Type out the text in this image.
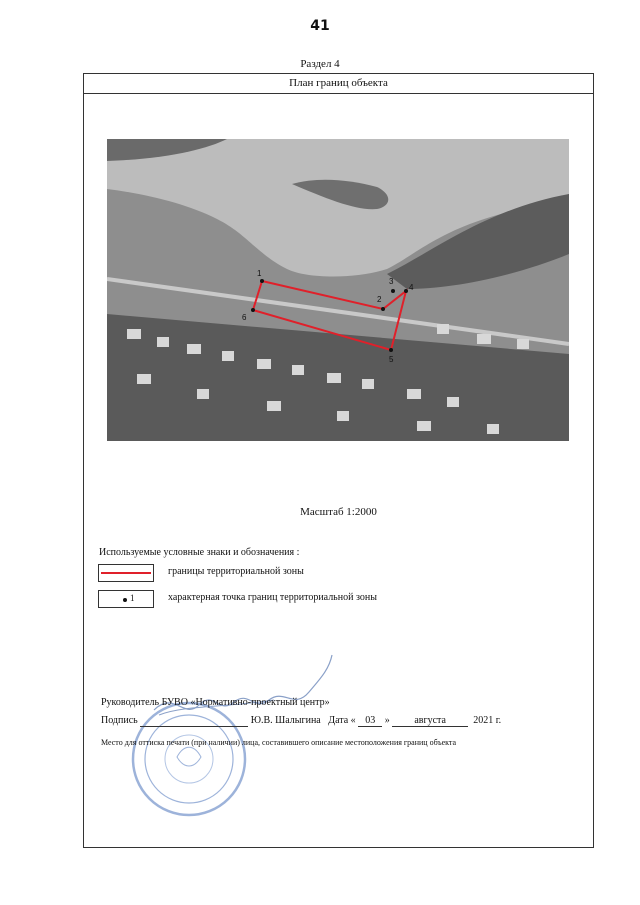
41
Раздел 4
План границ объекта
1
2
3
4
5
6
Масштаб 1:2000
Используемые условные знаки и обозначения :
границы территориальной зоны
1	характерная точка границ территориальной зоны
Руководитель БУВО «Нормативно-проектный центр»
Подпись	Ю.В. Шалыгина Дата « 03 » августа	2021 г.
Место для оттиска печати (при наличии) лица, составившего описание местоположения границ объекта
